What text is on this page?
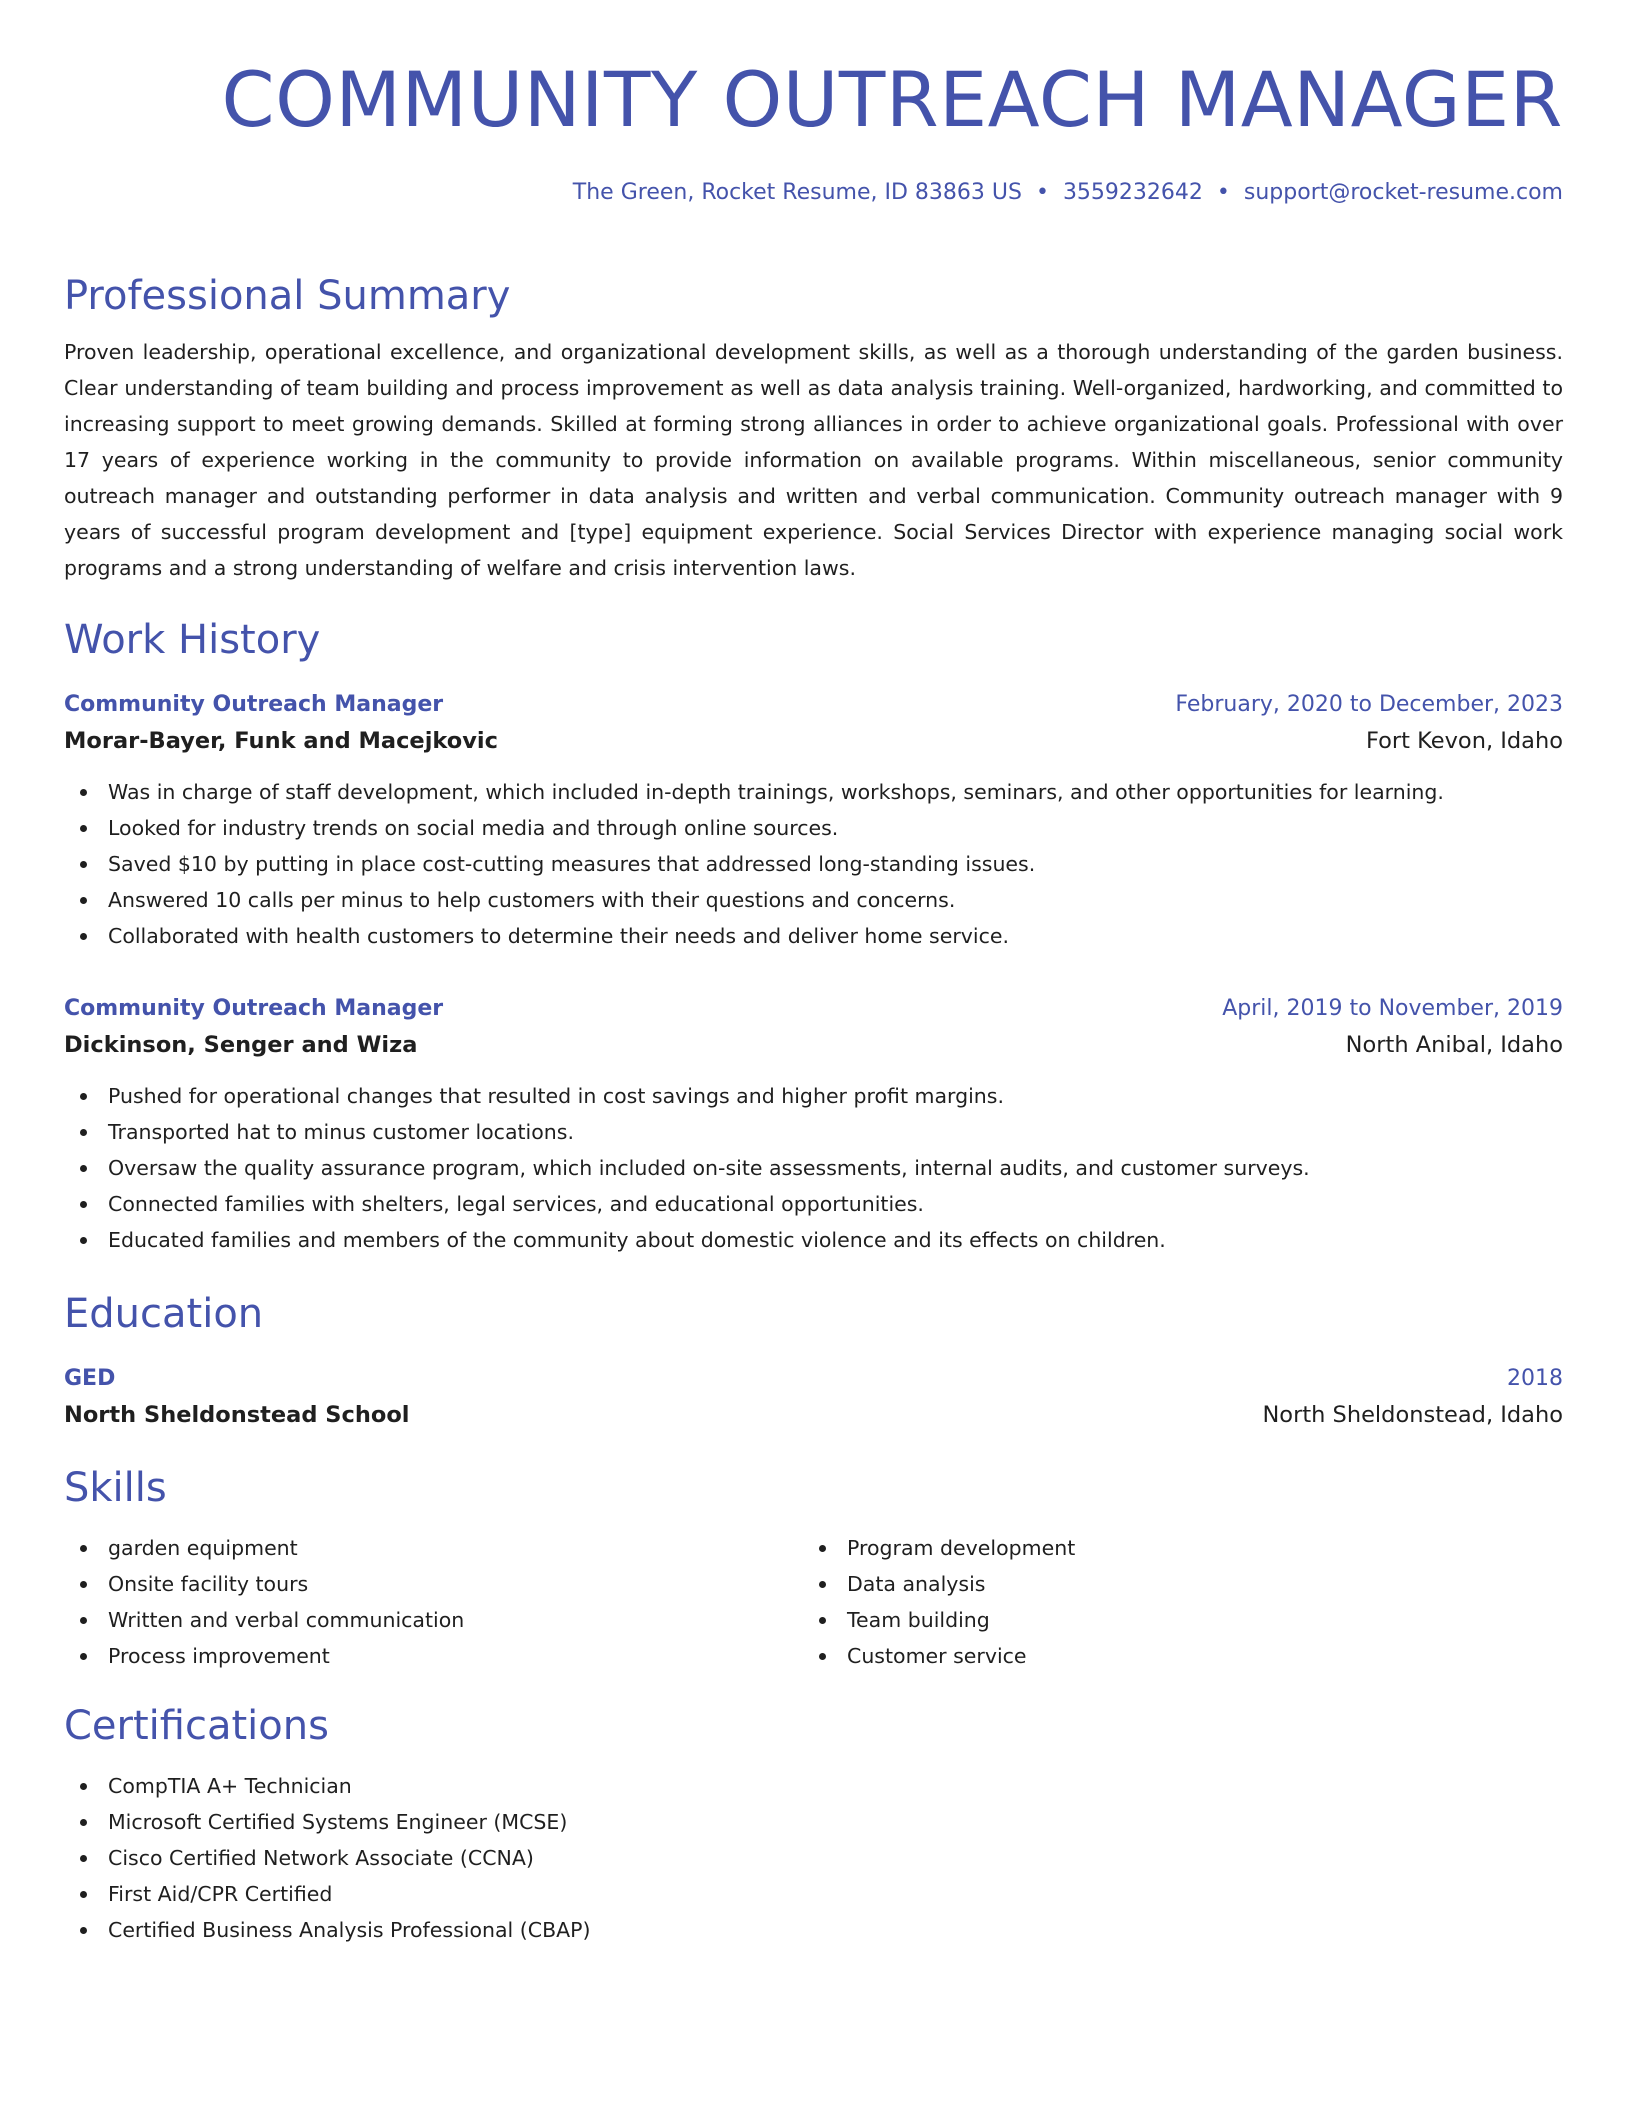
COMMUNITY OUTREACH MANAGER
The Green, Rocket Resume, ID 83863 US • 3559232642 • support@rocket-resume.com
Professional Summary
Proven leadership, operational excellence, and organizational development skills, as well as a thorough understanding of the garden business. Clear understanding of team building and process improvement as well as data analysis training. Well-organized, hardworking, and committed to increasing support to meet growing demands. Skilled at forming strong alliances in order to achieve organizational goals. Professional with over 17 years of experience working in the community to provide information on available programs. Within miscellaneous, senior community outreach manager and outstanding performer in data analysis and written and verbal communication. Community outreach manager with 9 years of successful program development and [type] equipment experience. Social Services Director with experience managing social work programs and a strong understanding of welfare and crisis intervention laws.
Work History
Community Outreach Manager	February, 2020 to December, 2023
Morar-Bayer, Funk and Macejkovic	Fort Kevon, Idaho
Was in charge of staff development, which included in-depth trainings, workshops, seminars, and other opportunities for learning.
Looked for industry trends on social media and through online sources.
Saved $10 by putting in place cost-cutting measures that addressed long-standing issues.
Answered 10 calls per minus to help customers with their questions and concerns.
Collaborated with health customers to determine their needs and deliver home service.
Community Outreach Manager	April, 2019 to November, 2019
Dickinson, Senger and Wiza	North Anibal, Idaho
Pushed for operational changes that resulted in cost savings and higher profit margins.
Transported hat to minus customer locations.
Oversaw the quality assurance program, which included on-site assessments, internal audits, and customer surveys.
Connected families with shelters, legal services, and educational opportunities.
Educated families and members of the community about domestic violence and its effects on children.
Education
GED	2018
North Sheldonstead School	North Sheldonstead, Idaho
Skills
garden equipment
Onsite facility tours
Written and verbal communication
Process improvement
Program development
Data analysis
Team building
Customer service
Certifications
CompTIA A+ Technician
Microsoft Certified Systems Engineer (MCSE)
Cisco Certified Network Associate (CCNA)
First Aid/CPR Certified
Certified Business Analysis Professional (CBAP)
